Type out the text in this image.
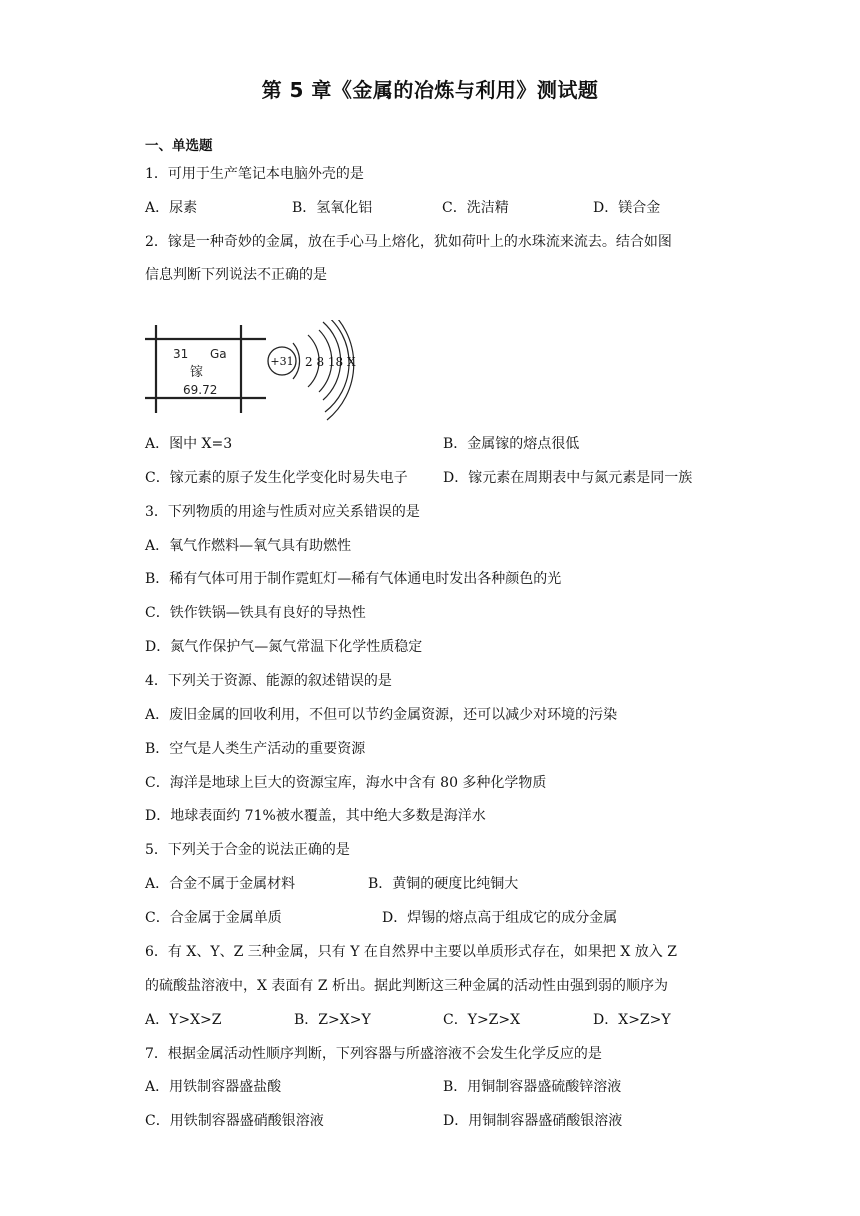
第 5 章《金属的冶炼与利用》测试题
一、单选题
1．可用于生产笔记本电脑外壳的是
A．尿素	B．氢氧化铝	C．洗洁精	D．镁合金
2．镓是一种奇妙的金属，放在手心马上熔化，犹如荷叶上的水珠流来流去。结合如图
信息判断下列说法不正确的是
31 Ga
镓
69.72
+31 2 8 18 X
A．图中 X=3	B．金属镓的熔点很低
C．镓元素的原子发生化学变化时易失电子	D．镓元素在周期表中与氮元素是同一族
3．下列物质的用途与性质对应关系错误的是
A．氧气作燃料—氧气具有助燃性
B．稀有气体可用于制作霓虹灯—稀有气体通电时发出各种颜色的光
C．铁作铁锅—铁具有良好的导热性
D．氮气作保护气—氮气常温下化学性质稳定
4．下列关于资源、能源的叙述错误的是
A．废旧金属的回收利用，不但可以节约金属资源，还可以减少对环境的污染
B．空气是人类生产活动的重要资源
C．海洋是地球上巨大的资源宝库，海水中含有 80 多种化学物质
D．地球表面约 71%被水覆盖，其中绝大多数是海洋水
5．下列关于合金的说法正确的是
A．合金不属于金属材料	B．黄铜的硬度比纯铜大
C．合金属于金属单质	D．焊锡的熔点高于组成它的成分金属
6．有 X、Y、Z 三种金属，只有 Y 在自然界中主要以单质形式存在，如果把 X 放入 Z
的硫酸盐溶液中，X 表面有 Z 析出。据此判断这三种金属的活动性由强到弱的顺序为
A．Y>X>Z	B．Z>X>Y	C．Y>Z>X	D．X>Z>Y
7．根据金属活动性顺序判断，下列容器与所盛溶液不会发生化学反应的是
A．用铁制容器盛盐酸	B．用铜制容器盛硫酸锌溶液
C．用铁制容器盛硝酸银溶液	D．用铜制容器盛硝酸银溶液
